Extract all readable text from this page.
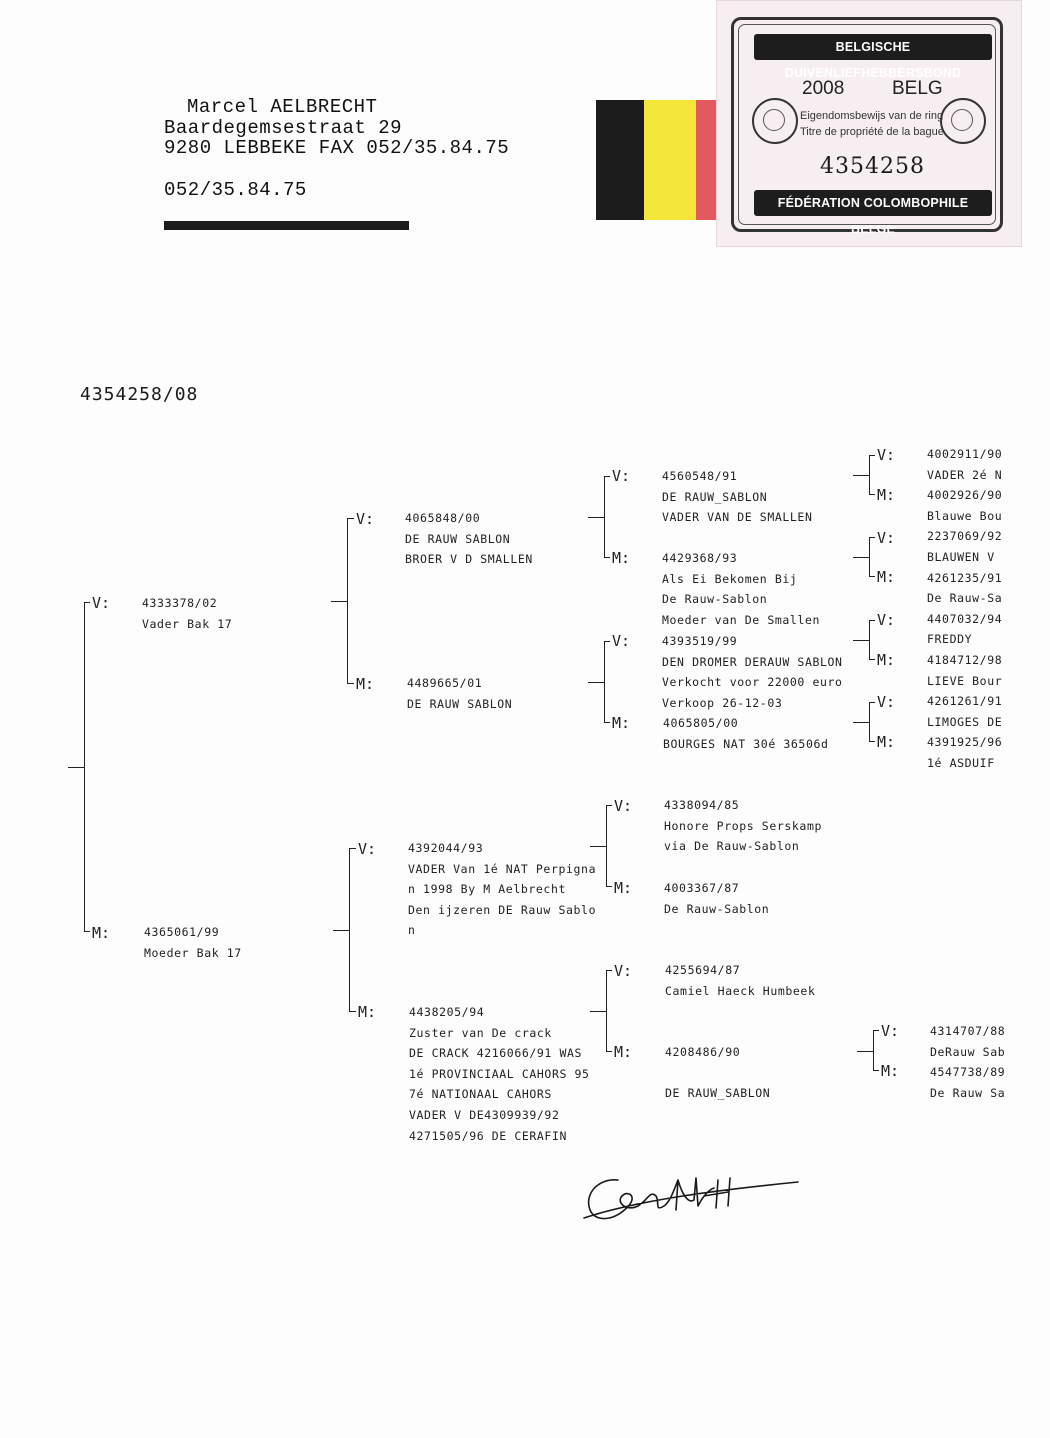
Marcel AELBRECHT
Baardegemsestraat 29
9280 LEBBEKE FAX 052/35.84.75
052/35.84.75
BELGISCHE DUIVENLIEFHEBBERSBOND
2008	BELG
Eigendomsbewijs van de ring
Titre de propriété de la bague
4354258
FÉDÉRATION COLOMBOPHILE BELGE
4354258/08
V:
M:
V:
M:
V:
M:
V:
M:
V:
M:
V:
M:
V:
M:
V:
M:
V:
M:
V:
M:
V:
M:
V:
M:
4333378/02
Vader Bak 17
4365061/99
Moeder Bak 17
4065848/00
DE RAUW SABLON
BROER V D SMALLEN
4489665/01
DE RAUW SABLON
4392044/93
VADER Van 1é NAT Perpigna
n 1998 By M Aelbrecht
Den ijzeren DE Rauw Sablo
n
4438205/94
Zuster van De crack
DE CRACK 4216066/91 WAS
1é PROVINCIAAL CAHORS 95
7é NATIONAAL CAHORS
VADER V DE4309939/92
4271505/96 DE CERAFIN
4560548/91
DE RAUW_SABLON
VADER VAN DE SMALLEN
4429368/93
Als Ei Bekomen Bij
De Rauw-Sablon
Moeder van De Smallen
4393519/99
DEN DROMER DERAUW SABLON
Verkocht voor 22000 euro
Verkoop 26-12-03
4065805/00
BOURGES NAT 30é 36506d
4338094/85
Honore Props Serskamp
via De Rauw-Sablon
4003367/87
De Rauw-Sablon
4255694/87
Camiel Haeck Humbeek
4208486/90

DE RAUW_SABLON
4002911/90
VADER 2é N
4002926/90
Blauwe Bou
2237069/92
BLAUWEN V
4261235/91
De Rauw-Sa
4407032/94
FREDDY
4184712/98
LIEVE Bour
4261261/91
LIMOGES DE
4391925/96
1é ASDUIF
4314707/88
DeRauw Sab
4547738/89
De Rauw Sa
